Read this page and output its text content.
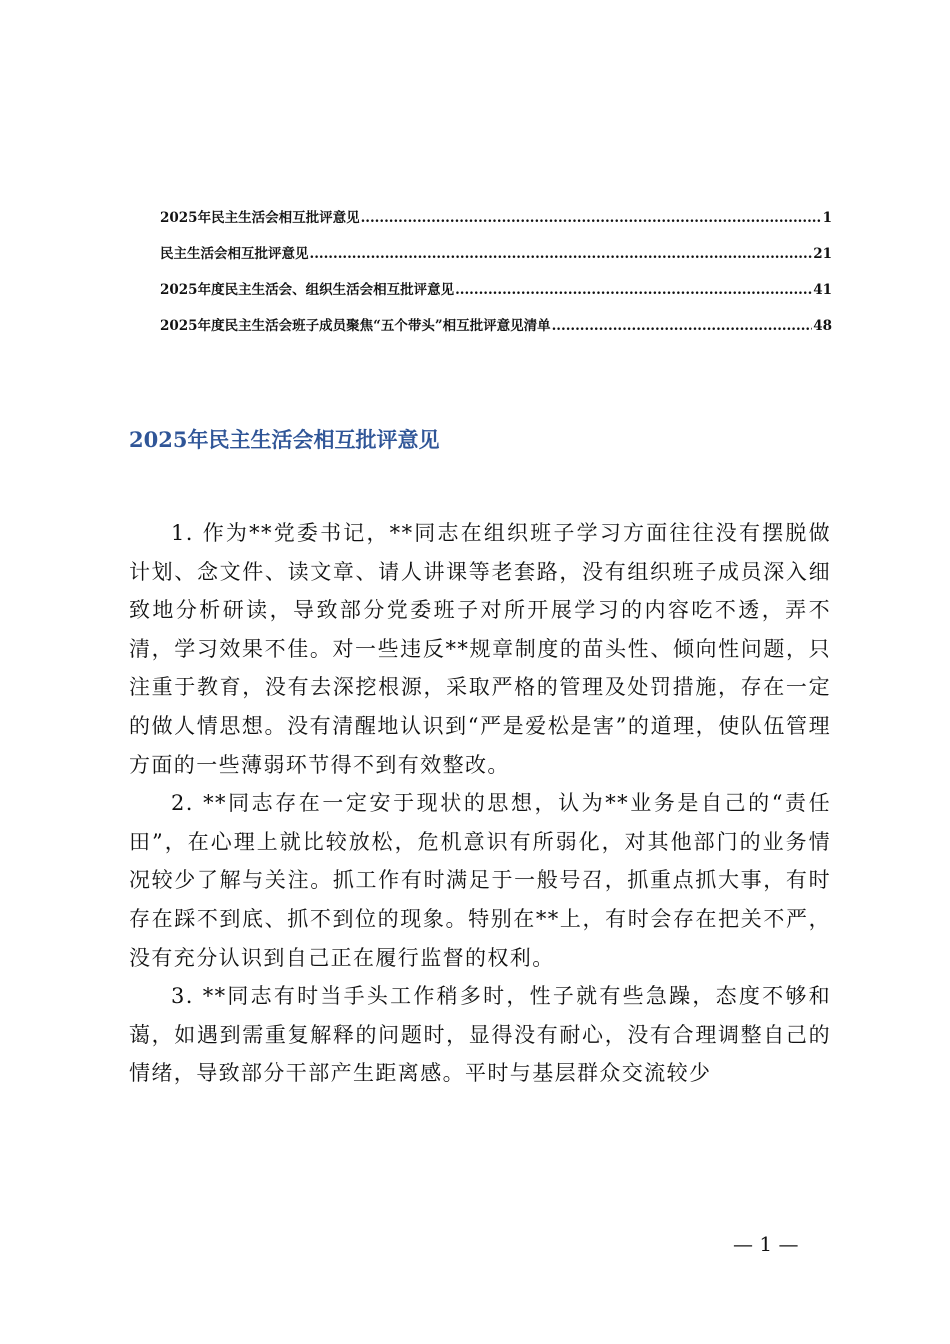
2025年民主生活会相互批评意见 .....	1
民主生活会相互批评意见 .....	21
2025年度民主生活会、组织生活会相互批评意见 .....	41
2025年度民主生活会班子成员聚焦“五个带头”相互批评意见清单 .....	48
2025年民主生活会相互批评意见

1. 作为**党委书记，**同志在组织班子学习方面往往没有摆脱做计划、念文件、读文章、请人讲课等老套路，没有组织班子成员深入细致地分析研读，导致部分党委班子对所开展学习的内容吃不透，弄不清，学习效果不佳。对一些违反**规章制度的苗头性、倾向性问题，只注重于教育，没有去深挖根源，采取严格的管理及处罚措施，存在一定的做人情思想。没有清醒地认识到“严是爱松是害”的道理，使队伍管理方面的一些薄弱环节得不到有效整改。

2. **同志存在一定安于现状的思想，认为**业务是自己的“责任田”，在心理上就比较放松，危机意识有所弱化，对其他部门的业务情况较少了解与关注。抓工作有时满足于一般号召，抓重点抓大事，有时存在踩不到底、抓不到位的现象。特别在**上，有时会存在把关不严，没有充分认识到自己正在履行监督的权利。

3. **同志有时当手头工作稍多时，性子就有些急躁，态度不够和蔼，如遇到需重复解释的问题时，显得没有耐心，没有合理调整自己的情绪，导致部分干部产生距离感。平时与基层群众交流较少

— 1 —
